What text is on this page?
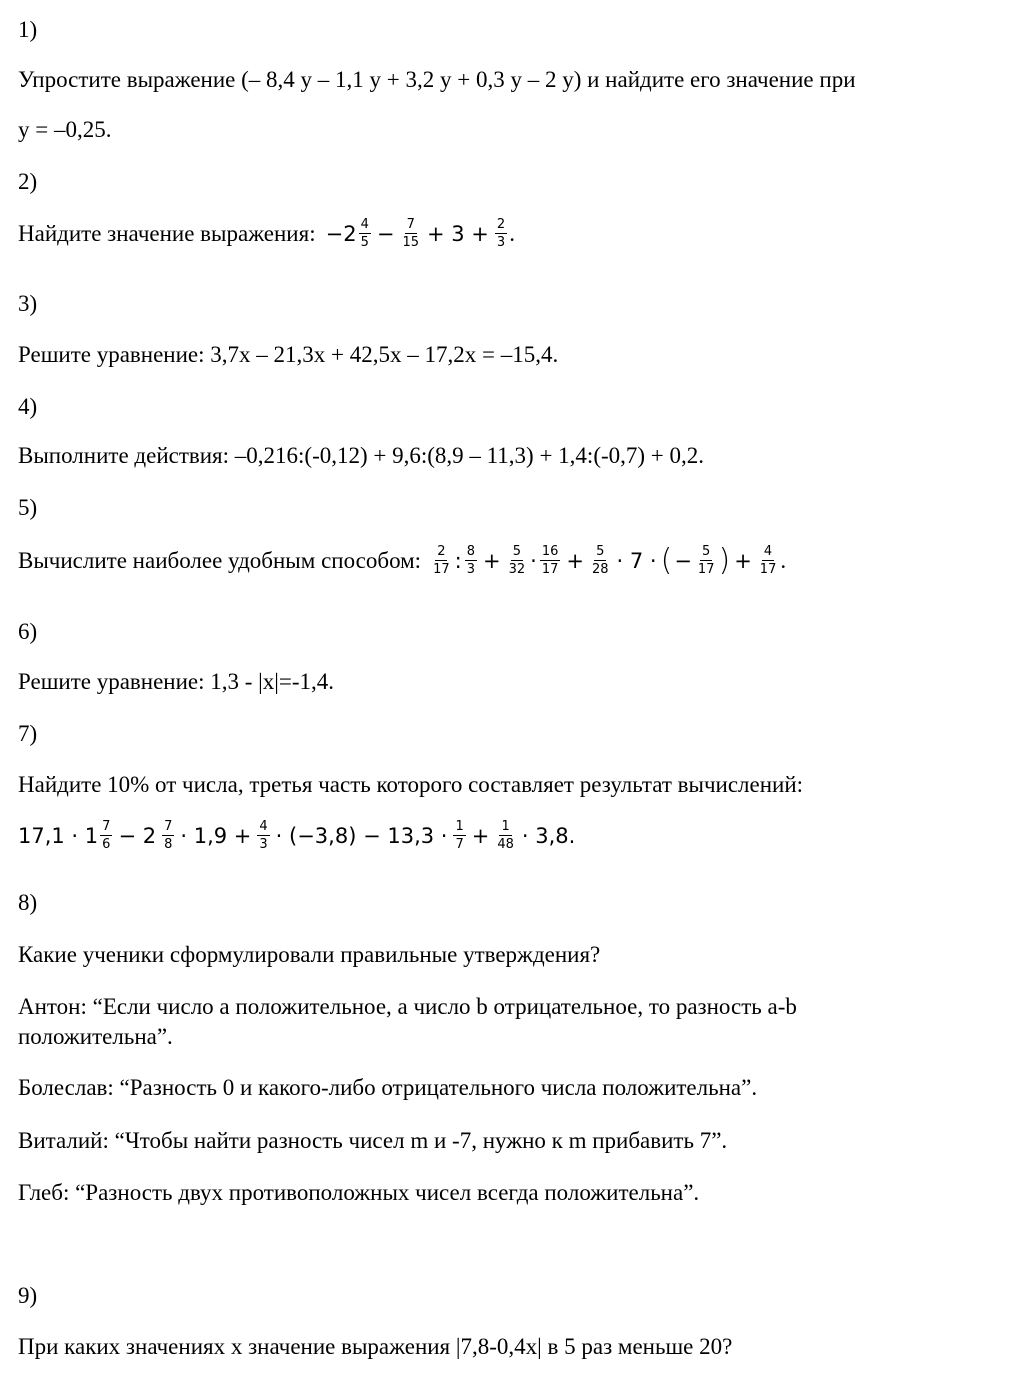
1)
Упростите выражение (– 8,4 у – 1,1 у + 3,2 у + 0,3 у – 2 у) и найдите его значение при
у = –0,25.
2)
Найдите значение выражения: $-2 \frac{4}{5} - \frac{7}{15} + 3 + \frac{2}{3}$ .
3)
Решите уравнение: 3,7х – 21,3х + 42,5х – 17,2х = –15,4.
4)
Выполните действия: –0,216:(-0,12) + 9,6:(8,9 – 11,3) + 1,4:(-0,7) + 0,2.
5)
Вычислите наиболее удобным способом: $\frac{2}{17}$ : $\frac{8}{3} + \frac{5}{32} \cdot \frac{16}{17} + \frac{5}{28} \cdot 7$ · ( − $\frac{5}{17}$ ) + $\frac{4}{17}$ .
6)
Решите уравнение: 1,3 - |х|=-1,4.
7)
Найдите 10% от числа, третья часть которого составляет результат вычислений:
$17,1 \cdot 1 \frac{7}{6} - 2 \frac{7}{8} \cdot 1,9 + \frac{4}{3} \cdot (-3,8) - 13,3 \cdot \frac{1}{7} + \frac{1}{48} \cdot 3,8$.
8)
Какие ученики сформулировали правильные утверждения?
Антон: “Если число а положительное, а число b отрицательное, то разность a-b
положительна”.
Болеслав: “Разность 0 и какого-либо отрицательного числа положительна”.
Виталий: “Чтобы найти разность чисел m и -7, нужно к m прибавить 7”.
Глеб: “Разность двух противоположных чисел всегда положительна”.
9)
При каких значениях х значение выражения |7,8-0,4х| в 5 раз меньше 20?
